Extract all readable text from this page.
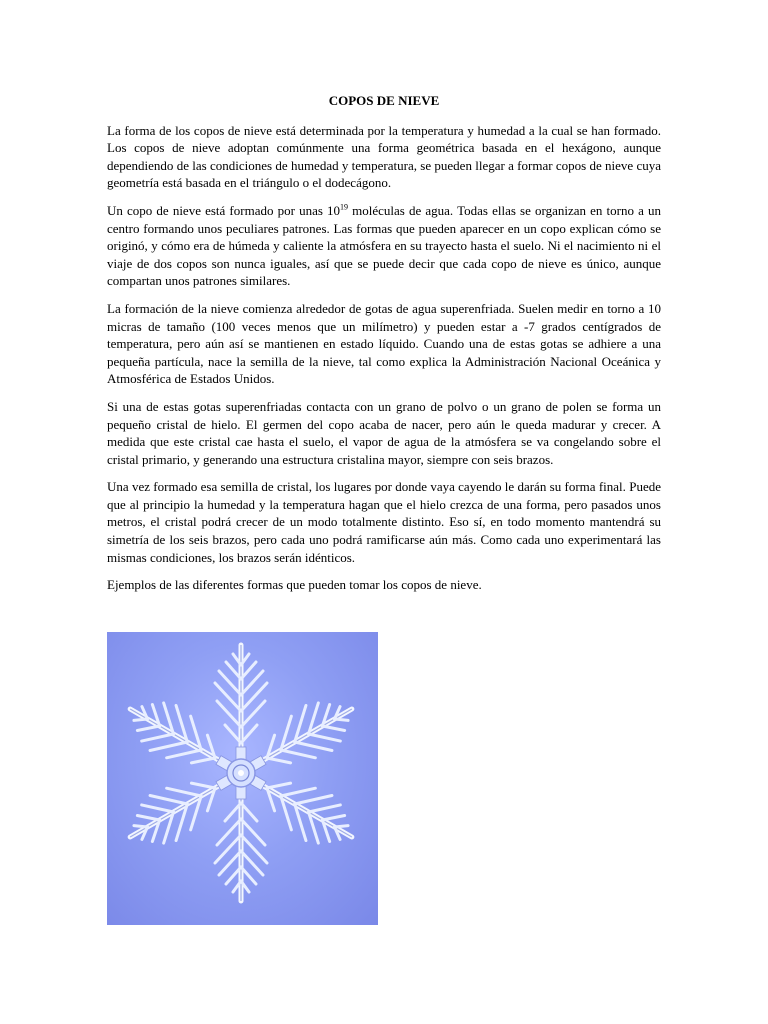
COPOS DE NIEVE

La forma de los copos de nieve está determinada por la temperatura y humedad a la cual se han formado. Los copos de nieve adoptan comúnmente una forma geométrica basada en el hexágono, aunque dependiendo de las condiciones de humedad y temperatura, se pueden llegar a formar copos de nieve cuya geometría está basada en el triángulo o el dodecágono.

Un copo de nieve está formado por unas $10^{19}$ moléculas de agua. Todas ellas se organizan en torno a un centro formando unos peculiares patrones. Las formas que pueden aparecer en un copo explican cómo se originó, y cómo era de húmeda y caliente la atmósfera en su trayecto hasta el suelo. Ni el nacimiento ni el viaje de dos copos son nunca iguales, así que se puede decir que cada copo de nieve es único, aunque compartan unos patrones similares.

La formación de la nieve comienza alrededor de gotas de agua superenfriada. Suelen medir en torno a 10 micras de tamaño (100 veces menos que un milímetro) y pueden estar a -7 grados centígrados de temperatura, pero aún así se mantienen en estado líquido. Cuando una de estas gotas se adhiere a una pequeña partícula, nace la semilla de la nieve, tal como explica la Administración Nacional Oceánica y Atmosférica de Estados Unidos.

Si una de estas gotas superenfriadas contacta con un grano de polvo o un grano de polen se forma un pequeño cristal de hielo. El germen del copo acaba de nacer, pero aún le queda madurar y crecer. A medida que este cristal cae hasta el suelo, el vapor de agua de la atmósfera se va congelando sobre el cristal primario, y generando una estructura cristalina mayor, siempre con seis brazos.

Una vez formado esa semilla de cristal, los lugares por donde vaya cayendo le darán su forma final. Puede que al principio la humedad y la temperatura hagan que el hielo crezca de una forma, pero pasados unos metros, el cristal podrá crecer de un modo totalmente distinto. Eso sí, en todo momento mantendrá su simetría de los seis brazos, pero cada uno podrá ramificarse aún más. Como cada uno experimentará las mismas condiciones, los brazos serán idénticos.

Ejemplos de las diferentes formas que pueden tomar los copos de nieve.
